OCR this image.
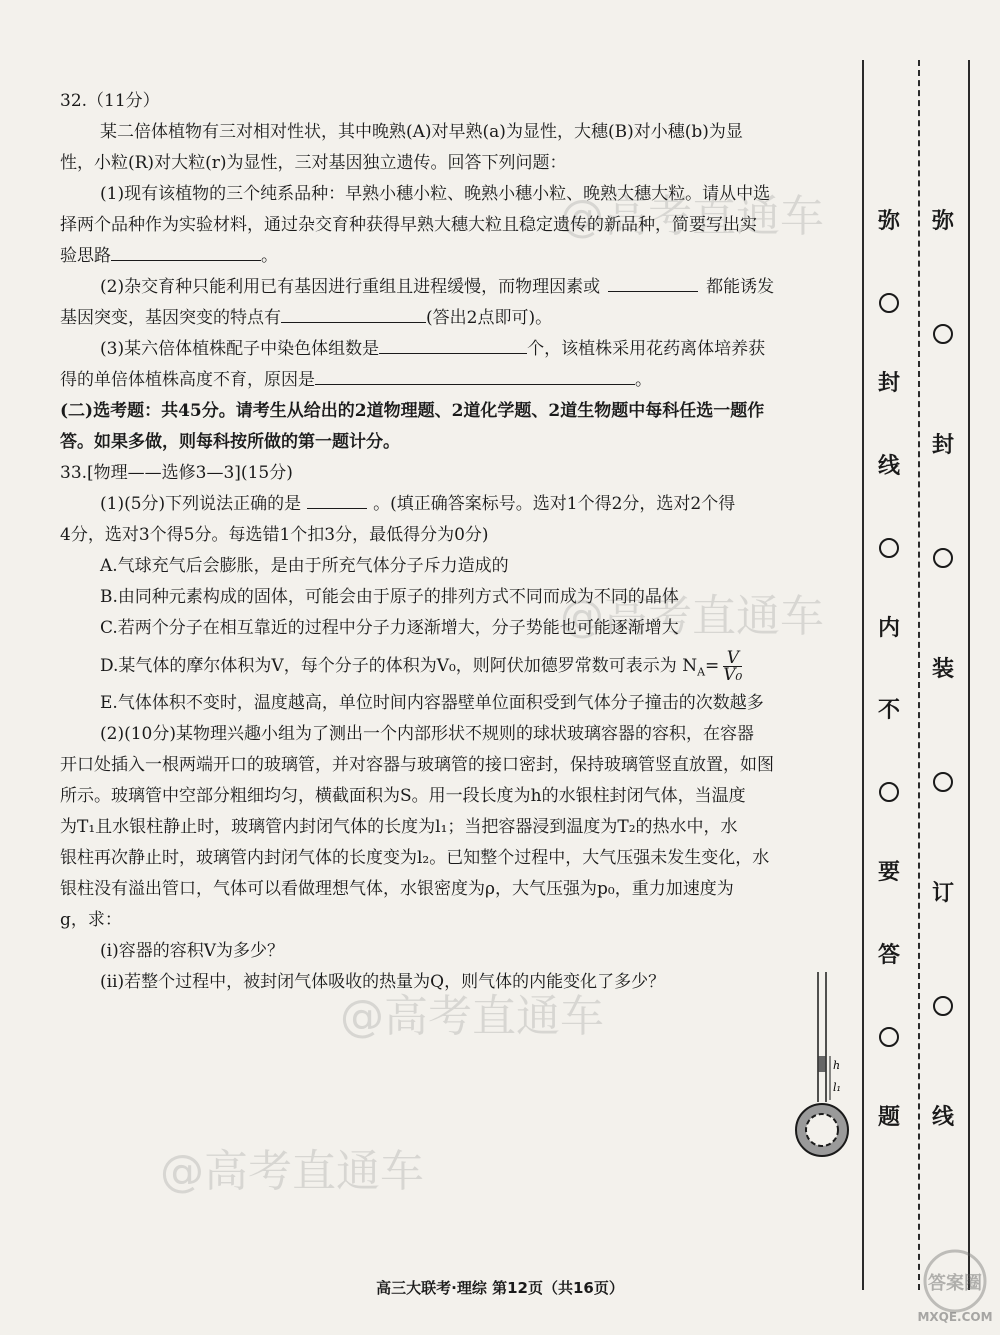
@高考直通车
@高考直通车
@高考直通车
@高考直通车
32.（11分）
某二倍体植物有三对相对性状，其中晚熟(A)对早熟(a)为显性，大穗(B)对小穗(b)为显
性，小粒(R)对大粒(r)为显性，三对基因独立遗传。回答下列问题：
(1)现有该植物的三个纯系品种：早熟小穗小粒、晚熟小穗小粒、晚熟大穗大粒。请从中选
择两个品种作为实验材料，通过杂交育种获得早熟大穗大粒且稳定遗传的新品种，简要写出实
验思路	。
(2)杂交育种只能利用已有基因进行重组且进程缓慢，而物理因素或	都能诱发
基因突变，基因突变的特点有	(答出2点即可)。
(3)某六倍体植株配子中染色体组数是	个，该植株采用花药离体培养获
得的单倍体植株高度不育，原因是	。
(二)选考题：共45分。请考生从给出的2道物理题、2道化学题、2道生物题中每科任选一题作
答。如果多做，则每科按所做的第一题计分。
33.[物理——选修3—3](15分)
(1)(5分)下列说法正确的是	。(填正确答案标号。选对1个得2分，选对2个得
4分，选对3个得5分。每选错1个扣3分，最低得分为0分)
A.气球充气后会膨胀，是由于所充气体分子斥力造成的
B.由同种元素构成的固体，可能会由于原子的排列方式不同而成为不同的晶体
C.若两个分子在相互靠近的过程中分子力逐渐增大，分子势能也可能逐渐增大
D.某气体的摩尔体积为V，每个分子的体积为V₀，则阿伏加德罗常数可表示为 $N_A= \frac{V}{\text{V₀}}$
E.气体体积不变时，温度越高，单位时间内容器壁单位面积受到气体分子撞击的次数越多
(2)(10分)某物理兴趣小组为了测出一个内部形状不规则的球状玻璃容器的容积，在容器
开口处插入一根两端开口的玻璃管，并对容器与玻璃管的接口密封，保持玻璃管竖直放置，如图
所示。玻璃管中空部分粗细均匀，横截面积为S。用一段长度为h的水银柱封闭气体，当温度
为T₁且水银柱静止时，玻璃管内封闭气体的长度为l₁；当把容器浸到温度为T₂的热水中，水
银柱再次静止时，玻璃管内封闭气体的长度变为l₂。已知整个过程中，大气压强未发生变化，水
银柱没有溢出管口，气体可以看做理想气体，水银密度为ρ，大气压强为p₀，重力加速度为
g，求：
(ⅰ)容器的容积V为多少？
(ⅱ)若整个过程中，被封闭气体吸收的热量为Q，则气体的内能变化了多少？
h
l₁
弥
封
线
内
不
要
答
题
弥
封
装
订
线
高三大联考·理综 第12页（共16页）	答案圈
MXQE.COM
